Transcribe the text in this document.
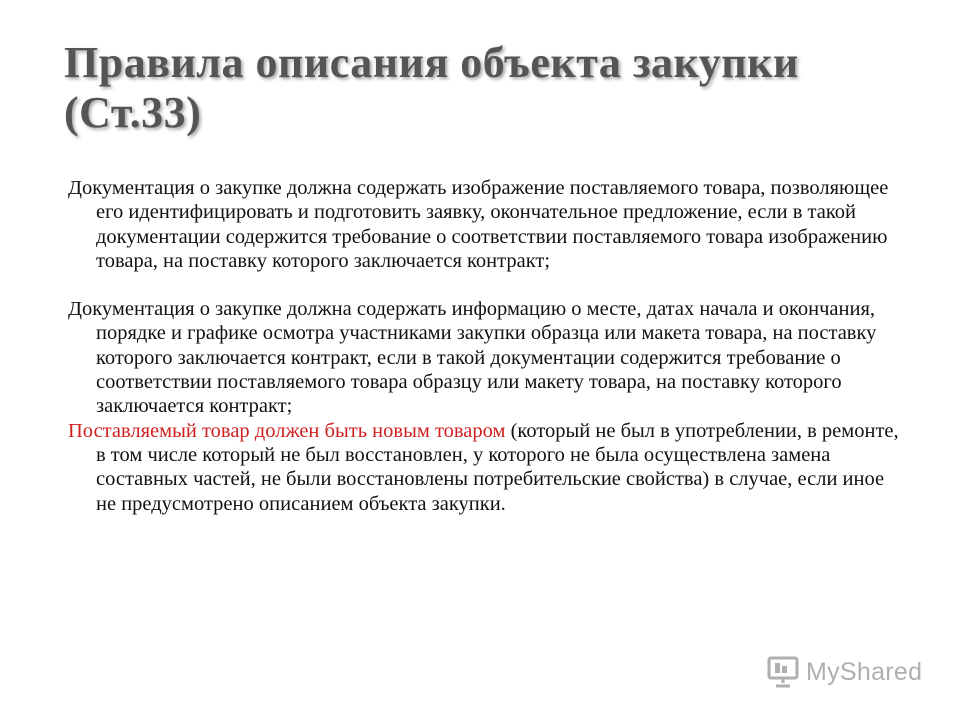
Правила описания объекта закупки
(Ст.33)

Документация о закупке должна содержать изображение поставляемого товара, позволяющее его идентифицировать и подготовить заявку, окончательное предложение, если в такой документации содержится требование о соответствии поставляемого товара изображению товара, на поставку которого заключается контракт;

Документация о закупке должна содержать информацию о месте, датах начала и окончания, порядке и графике осмотра участниками закупки образца или макета товара, на поставку которого заключается контракт, если в такой документации содержится требование о соответствии поставляемого товара образцу или макету товара, на поставку которого заключается контракт;

Поставляемый товар должен быть новым товаром (который не был в употреблении, в ремонте, в том числе который не был восстановлен, у которого не была осуществлена замена составных частей, не были восстановлены потребительские свойства) в случае, если иное не предусмотрено описанием объекта закупки.

MyShared
